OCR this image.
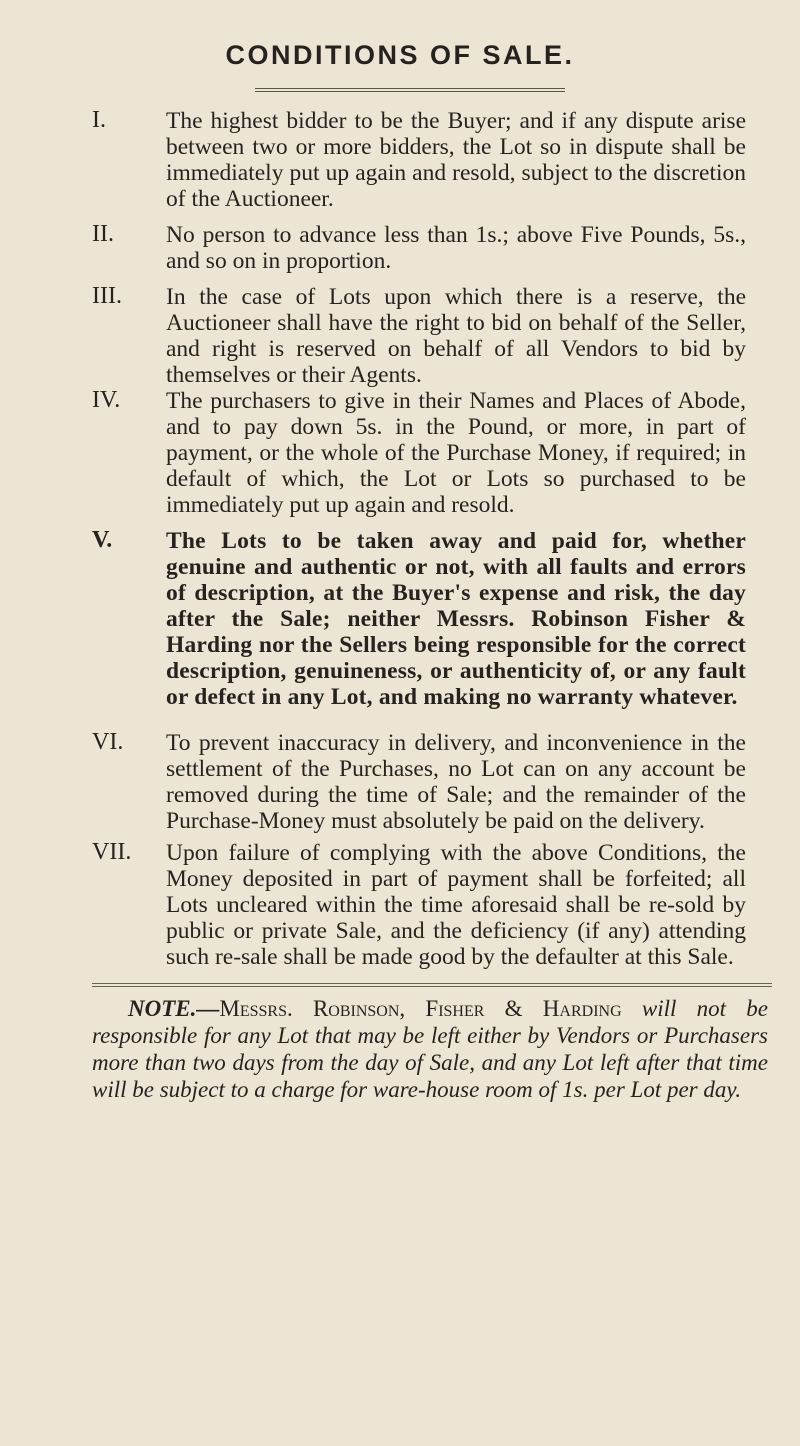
CONDITIONS OF SALE.
I.	The highest bidder to be the Buyer; and if any dispute arise between two or more bidders, the Lot so in dispute shall be immediately put up again and resold, subject to the discretion of the Auctioneer.
II.	No person to advance less than 1s.; above Five Pounds, 5s., and so on in proportion.
III.	In the case of Lots upon which there is a reserve, the Auctioneer shall have the right to bid on behalf of the Seller, and right is reserved on behalf of all Vendors to bid by themselves or their Agents.
IV.	The purchasers to give in their Names and Places of Abode, and to pay down 5s. in the Pound, or more, in part of payment, or the whole of the Purchase Money, if required; in default of which, the Lot or Lots so purchased to be immediately put up again and resold.
V.	The Lots to be taken away and paid for, whether genuine and authentic or not, with all faults and errors of description, at the Buyer's expense and risk, the day after the Sale; neither Messrs. Robinson Fisher & Harding nor the Sellers being responsible for the correct description, genuineness, or authenticity of, or any fault or defect in any Lot, and making no warranty whatever.
VI.	To prevent inaccuracy in delivery, and inconvenience in the settlement of the Purchases, no Lot can on any account be removed during the time of Sale; and the remainder of the Purchase-Money must absolutely be paid on the delivery.
VII.	Upon failure of complying with the above Conditions, the Money deposited in part of payment shall be forfeited; all Lots uncleared within the time aforesaid shall be re-sold by public or private Sale, and the deficiency (if any) attending such re-sale shall be made good by the defaulter at this Sale.
NOTE.—Messrs. Robinson, Fisher & Harding will not be responsible for any Lot that may be left either by Vendors or Purchasers more than two days from the day of Sale, and any Lot left after that time will be subject to a charge for ware-house room of 1s. per Lot per day.
